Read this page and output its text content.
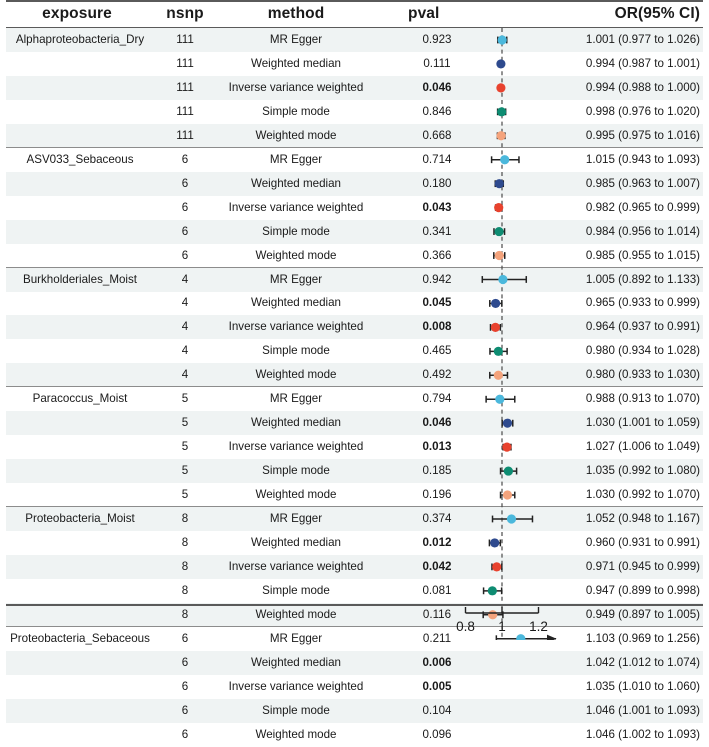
exposure	nsnp	method	pval	OR(95% CI)
Alphaproteobacteria_Dry	111	MR Egger	0.923	1.001 (0.977 to 1.026)
111	Weighted median	0.111	0.994 (0.987 to 1.001)
111	Inverse variance weighted	0.046	0.994 (0.988 to 1.000)
111	Simple mode	0.846	0.998 (0.976 to 1.020)
111	Weighted mode	0.668	0.995 (0.975 to 1.016)
ASV033_Sebaceous	6	MR Egger	0.714	1.015 (0.943 to 1.093)
6	Weighted median	0.180	0.985 (0.963 to 1.007)
6	Inverse variance weighted	0.043	0.982 (0.965 to 0.999)
6	Simple mode	0.341	0.984 (0.956 to 1.014)
6	Weighted mode	0.366	0.985 (0.955 to 1.015)
Burkholderiales_Moist	4	MR Egger	0.942	1.005 (0.892 to 1.133)
4	Weighted median	0.045	0.965 (0.933 to 0.999)
4	Inverse variance weighted	0.008	0.964 (0.937 to 0.991)
4	Simple mode	0.465	0.980 (0.934 to 1.028)
4	Weighted mode	0.492	0.980 (0.933 to 1.030)
Paracoccus_Moist	5	MR Egger	0.794	0.988 (0.913 to 1.070)
5	Weighted median	0.046	1.030 (1.001 to 1.059)
5	Inverse variance weighted	0.013	1.027 (1.006 to 1.049)
5	Simple mode	0.185	1.035 (0.992 to 1.080)
5	Weighted mode	0.196	1.030 (0.992 to 1.070)
Proteobacteria_Moist	8	MR Egger	0.374	1.052 (0.948 to 1.167)
8	Weighted median	0.012	0.960 (0.931 to 0.991)
8	Inverse variance weighted	0.042	0.971 (0.945 to 0.999)
8	Simple mode	0.081	0.947 (0.899 to 0.998)
8	Weighted mode	0.116	0.949 (0.897 to 1.005)
Proteobacteria_Sebaceous	6	MR Egger	0.211	1.103 (0.969 to 1.256)
6	Weighted median	0.006	1.042 (1.012 to 1.074)
6	Inverse variance weighted	0.005	1.035 (1.010 to 1.060)
6	Simple mode	0.104	1.046 (1.001 to 1.093)
6	Weighted mode	0.096	1.046 (1.002 to 1.093)
0.8	1	1.2
